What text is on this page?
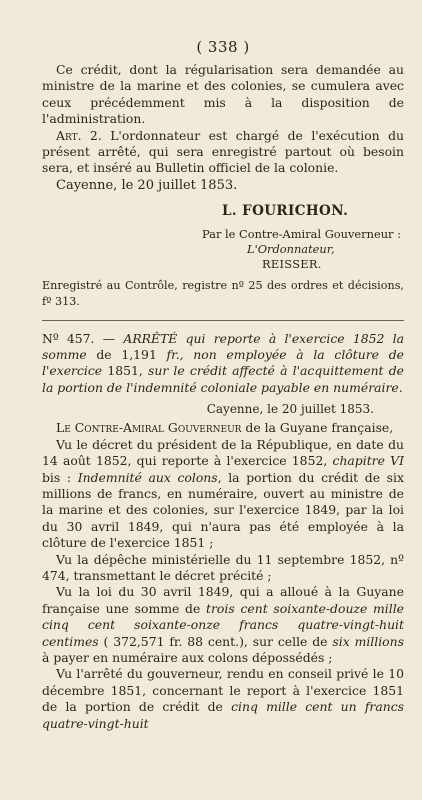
( 338 )

Ce crédit, dont la régularisation sera demandée au ministre de la marine et des colonies, se cumulera avec ceux précédemment mis à la disposition de l'administration.

Art. 2. L'ordonnateur est chargé de l'exécution du présent arrêté, qui sera enregistré partout où besoin sera, et inséré au Bulletin officiel de la colonie.

Cayenne, le 20 juillet 1853.
L. FOURICHON.

Par le Contre-Amiral Gouverneur :

L'Ordonnateur,

REISSER.

Enregistré au Contrôle, registre nº 25 des ordres et décisions, fº 313.

Nº 457. — ARRÊTÉ qui reporte à l'exercice 1852 la somme de 1,191 fr., non employée à la clôture de l'exercice 1851, sur le crédit affecté à l'acquittement de la portion de l'indemnité coloniale payable en numéraire.

Cayenne, le 20 juillet 1853.

Le Contre-Amiral Gouverneur de la Guyane française,

Vu le décret du président de la République, en date du 14 août 1852, qui reporte à l'exercice 1852, chapitre VI bis : Indemnité aux colons, la portion du crédit de six millions de francs, en numéraire, ouvert au ministre de la marine et des colonies, sur l'exercice 1849, par la loi du 30 avril 1849, qui n'aura pas été employée à la clôture de l'exercice 1851 ;

Vu la dépêche ministérielle du 11 septembre 1852, nº 474, transmettant le décret précité ;

Vu la loi du 30 avril 1849, qui a alloué à la Guyane française une somme de trois cent soixante-douze mille cinq cent soixante-onze francs quatre-vingt-huit centimes ( 372,571 fr. 88 cent.), sur celle de six millions à payer en numéraire aux colons dépossédés ;

Vu l'arrêté du gouverneur, rendu en conseil privé le 10 décembre 1851, concernant le report à l'exercice 1851 de la portion de crédit de cinq mille cent un francs quatre-vingt-huit
